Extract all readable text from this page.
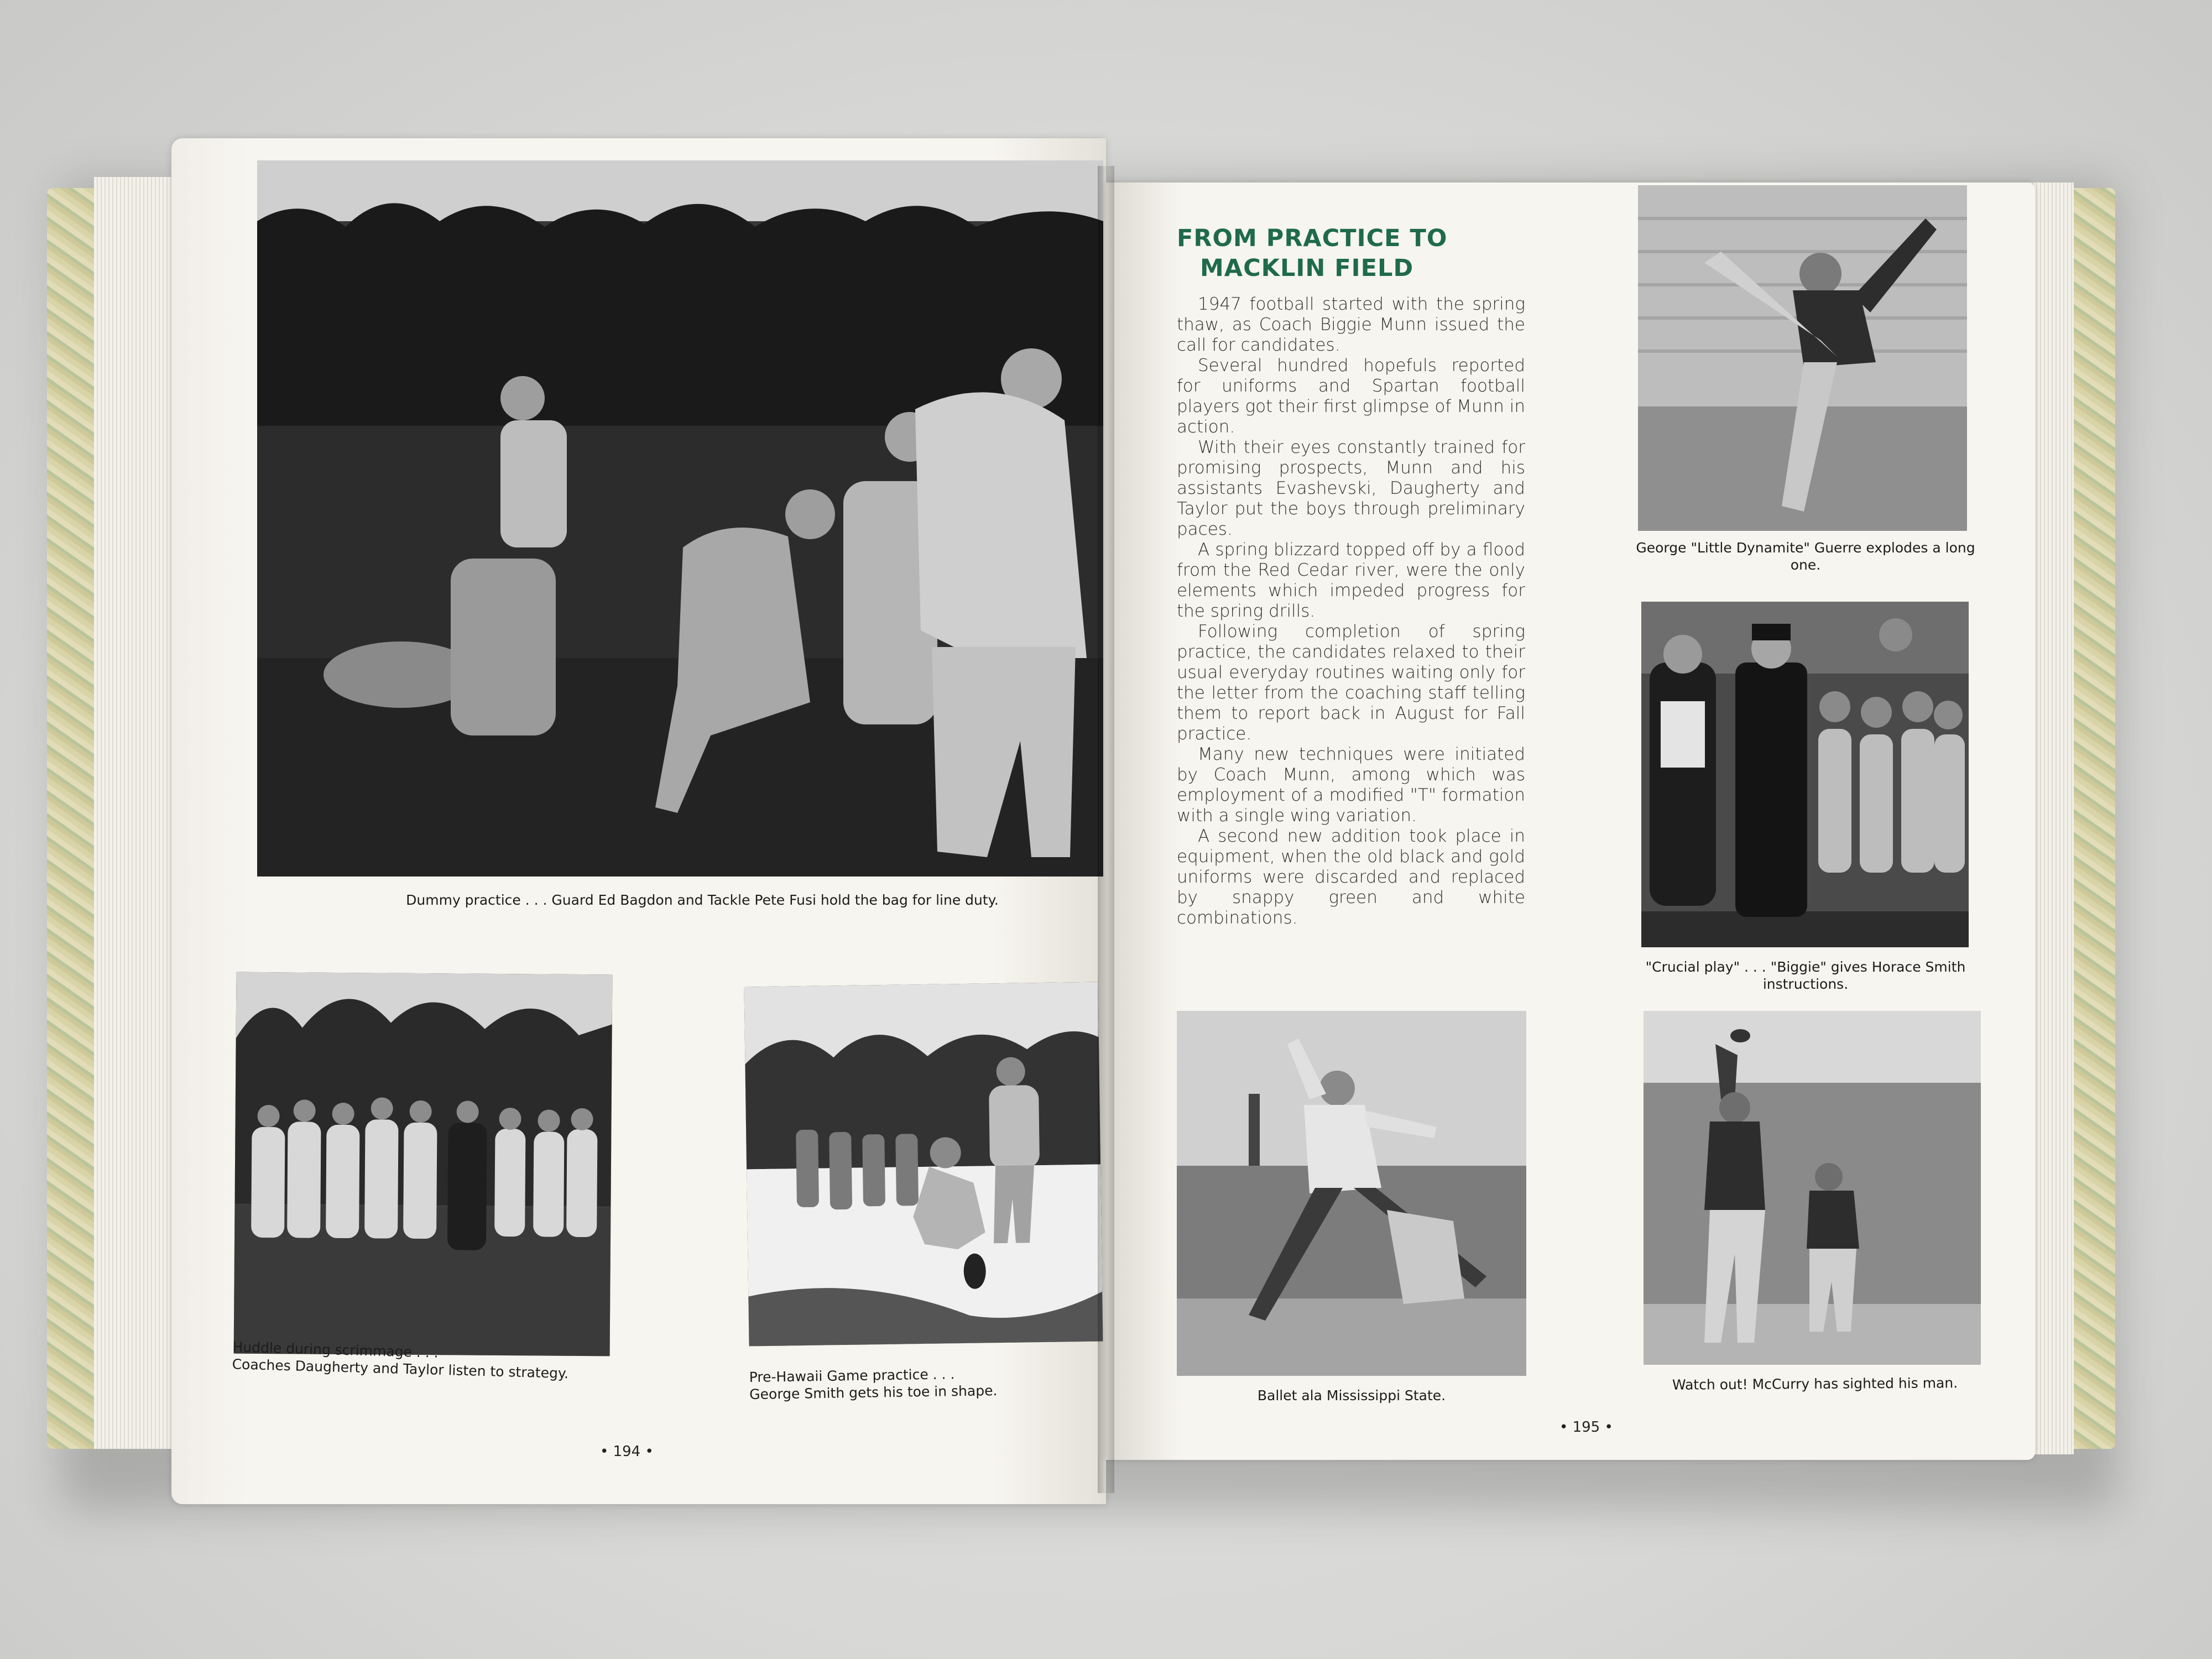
Dummy practice . . . Guard Ed Bagdon and Tackle Pete Fusi hold the bag for line duty.
Huddle during scrimmage . . .
Coaches Daugherty and Taylor listen to strategy.	Pre-Hawaii Game practice . . .
George Smith gets his toe in shape.
• 194 •
FROM PRACTICE TO
MACKLIN FIELD

1947 football started with the spring thaw, as Coach Biggie Munn issued the call for candidates.

Several hundred hopefuls reported for uniforms and Spartan football players got their first glimpse of Munn in action.

With their eyes constantly trained for promising prospects, Munn and his assistants Evashevski, Daugherty and Taylor put the boys through preliminary paces.

A spring blizzard topped off by a flood from the Red Cedar river, were the only elements which impeded progress for the spring drills.

Following completion of spring practice, the candidates relaxed to their usual everyday routines waiting only for the letter from the coaching staff telling them to report back in August for Fall practice.

Many new techniques were initiated by Coach Munn, among which was employment of a modified "T" formation with a single wing variation.

A second new addition took place in equipment, when the old black and gold uniforms were discarded and replaced by snappy green and white combinations.

George "Little Dynamite" Guerre explodes a long
one.
"Crucial play" . . . "Biggie" gives Horace Smith
instructions.
Ballet ala Mississippi State.
Watch out! McCurry has sighted his man.
• 195 •
